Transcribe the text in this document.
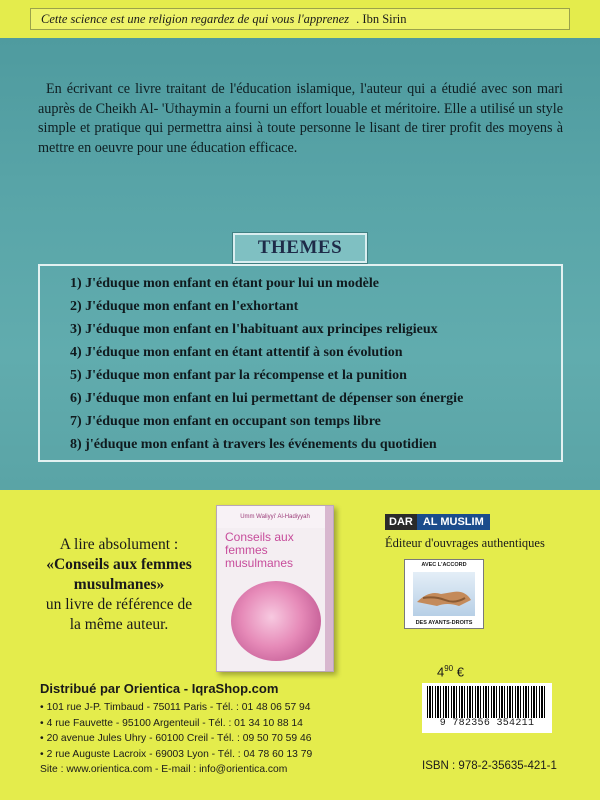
Cette science est une religion regardez de qui vous l'apprenez . Ibn Sirin

En écrivant ce livre traitant de l'éducation islamique, l'auteur qui a étudié avec son mari auprès de Cheikh Al- 'Uthaymin a fourni un effort louable et méritoire. Elle a utilisé un style simple et pratique qui permettra ainsi à toute personne le lisant de tirer profit des moyens à mettre en oeuvre pour une éducation efficace.

THEMES
1) J'éduque mon enfant en étant pour lui un modèle
2) J'éduque mon enfant en l'exhortant
3) J'éduque mon enfant en l'habituant aux principes religieux
4) J'éduque mon enfant en étant attentif à son évolution
5) J'éduque mon enfant par la récompense et la punition
6) J'éduque mon enfant en lui permettant de dépenser son énergie
7) J'éduque mon enfant en occupant son temps libre
8) j'éduque mon enfant à travers les événements du quotidien
A lire absolument :
«Conseils aux femmes musulmanes»
un livre de référence de la même auteur.
Umm Waliyyi' Al-Hadiyyah
Conseils aux femmes musulmanes
DAR AL MUSLIM
Éditeur d'ouvrages authentiques
AVEC L'ACCORD
DES AYANTS-DROITS
$4^{90}$ €
Distribué par Orientica - IqraShop.com
• 101 rue J-P. Timbaud - 75011 Paris - Tél. : 01 48 06 57 94
• 4 rue Fauvette - 95100 Argenteuil - Tél. : 01 34 10 88 14
• 20 avenue Jules Uhry - 60100 Creil - Tél. : 09 50 70 59 46
• 2 rue Auguste Lacroix - 69003 Lyon - Tél. : 04 78 60 13 79
Site : www.orientica.com - E-mail : info@orientica.com
9 782356 354211
ISBN : 978-2-35635-421-1
